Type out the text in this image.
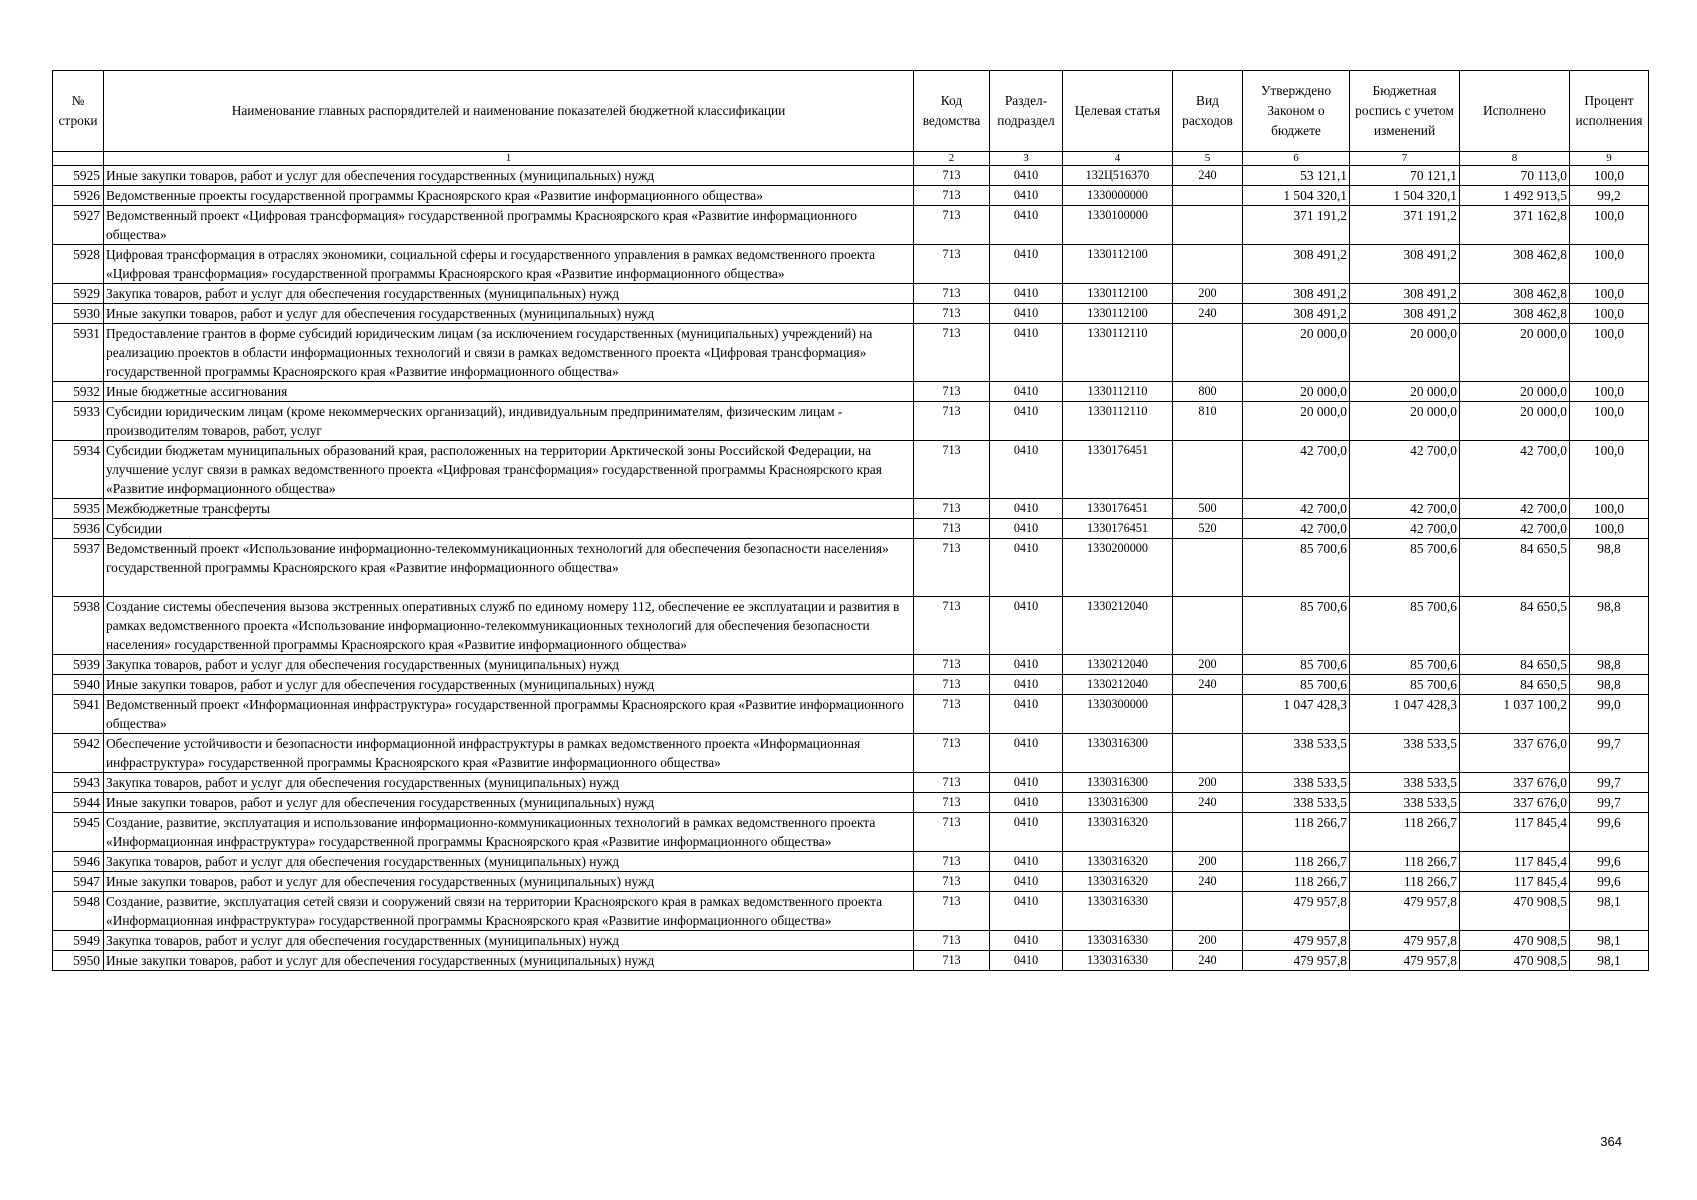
№ строки	Наименование главных распорядителей и наименование показателей бюджетной классификации	Код ведомства	Раздел-подраздел	Целевая статья	Вид расходов	Утверждено Законом о бюджете	Бюджетная роспись с учетом изменений	Исполнено	Процент исполнения
	1	2	3	4	5	6	7	8	9
5925	Иные закупки товаров, работ и услуг для обеспечения государственных (муниципальных) нужд	713	0410	132Ц516370	240	53 121,1	70 121,1	70 113,0	100,0
5926	Ведомственные проекты государственной программы Красноярского края «Развитие информационного общества»	713	0410	1330000000		1 504 320,1	1 504 320,1	1 492 913,5	99,2
5927	Ведомственный проект «Цифровая трансформация» государственной программы Красноярского края «Развитие информационного общества»	713	0410	1330100000		371 191,2	371 191,2	371 162,8	100,0
5928	Цифровая трансформация в отраслях экономики, социальной сферы и государственного управления в рамках ведомственного проекта «Цифровая трансформация» государственной программы Красноярского края «Развитие информационного общества»	713	0410	1330112100		308 491,2	308 491,2	308 462,8	100,0
5929	Закупка товаров, работ и услуг для обеспечения государственных (муниципальных) нужд	713	0410	1330112100	200	308 491,2	308 491,2	308 462,8	100,0
5930	Иные закупки товаров, работ и услуг для обеспечения государственных (муниципальных) нужд	713	0410	1330112100	240	308 491,2	308 491,2	308 462,8	100,0
5931	Предоставление грантов в форме субсидий юридическим лицам (за исключением государственных (муниципальных) учреждений) на реализацию проектов в области информационных технологий и связи в рамках ведомственного проекта «Цифровая трансформация» государственной программы Красноярского края «Развитие информационного общества»	713	0410	1330112110		20 000,0	20 000,0	20 000,0	100,0
5932	Иные бюджетные ассигнования	713	0410	1330112110	800	20 000,0	20 000,0	20 000,0	100,0
5933	Субсидии юридическим лицам (кроме некоммерческих организаций), индивидуальным предпринимателям, физическим лицам - производителям товаров, работ, услуг	713	0410	1330112110	810	20 000,0	20 000,0	20 000,0	100,0
5934	Субсидии бюджетам муниципальных образований края, расположенных на территории Арктической зоны Российской Федерации, на улучшение услуг связи в рамках ведомственного проекта «Цифровая трансформация» государственной программы Красноярского края «Развитие информационного общества»	713	0410	1330176451		42 700,0	42 700,0	42 700,0	100,0
5935	Межбюджетные трансферты	713	0410	1330176451	500	42 700,0	42 700,0	42 700,0	100,0
5936	Субсидии	713	0410	1330176451	520	42 700,0	42 700,0	42 700,0	100,0
5937	Ведомственный проект «Использование информационно-телекоммуникационных технологий для обеспечения безопасности населения» государственной программы Красноярского края «Развитие информационного общества»	713	0410	1330200000		85 700,6	85 700,6	84 650,5	98,8
5938	Создание системы обеспечения вызова экстренных оперативных служб по единому номеру 112, обеспечение ее эксплуатации и развития в рамках ведомственного проекта «Использование информационно-телекоммуникационных технологий для обеспечения безопасности населения» государственной программы Красноярского края «Развитие информационного общества»	713	0410	1330212040		85 700,6	85 700,6	84 650,5	98,8
5939	Закупка товаров, работ и услуг для обеспечения государственных (муниципальных) нужд	713	0410	1330212040	200	85 700,6	85 700,6	84 650,5	98,8
5940	Иные закупки товаров, работ и услуг для обеспечения государственных (муниципальных) нужд	713	0410	1330212040	240	85 700,6	85 700,6	84 650,5	98,8
5941	Ведомственный проект «Информационная инфраструктура» государственной программы Красноярского края «Развитие информационного общества»	713	0410	1330300000		1 047 428,3	1 047 428,3	1 037 100,2	99,0
5942	Обеспечение устойчивости и безопасности информационной инфраструктуры в рамках ведомственного проекта «Информационная инфраструктура» государственной программы Красноярского края «Развитие информационного общества»	713	0410	1330316300		338 533,5	338 533,5	337 676,0	99,7
5943	Закупка товаров, работ и услуг для обеспечения государственных (муниципальных) нужд	713	0410	1330316300	200	338 533,5	338 533,5	337 676,0	99,7
5944	Иные закупки товаров, работ и услуг для обеспечения государственных (муниципальных) нужд	713	0410	1330316300	240	338 533,5	338 533,5	337 676,0	99,7
5945	Создание, развитие, эксплуатация и использование информационно-коммуникационных технологий в рамках ведомственного проекта «Информационная инфраструктура» государственной программы Красноярского края «Развитие информационного общества»	713	0410	1330316320		118 266,7	118 266,7	117 845,4	99,6
5946	Закупка товаров, работ и услуг для обеспечения государственных (муниципальных) нужд	713	0410	1330316320	200	118 266,7	118 266,7	117 845,4	99,6
5947	Иные закупки товаров, работ и услуг для обеспечения государственных (муниципальных) нужд	713	0410	1330316320	240	118 266,7	118 266,7	117 845,4	99,6
5948	Создание, развитие, эксплуатация сетей связи и сооружений связи на территории Красноярского края в рамках ведомственного проекта «Информационная инфраструктура» государственной программы Красноярского края «Развитие информационного общества»	713	0410	1330316330		479 957,8	479 957,8	470 908,5	98,1
5949	Закупка товаров, работ и услуг для обеспечения государственных (муниципальных) нужд	713	0410	1330316330	200	479 957,8	479 957,8	470 908,5	98,1
5950	Иные закупки товаров, работ и услуг для обеспечения государственных (муниципальных) нужд	713	0410	1330316330	240	479 957,8	479 957,8	470 908,5	98,1
364
